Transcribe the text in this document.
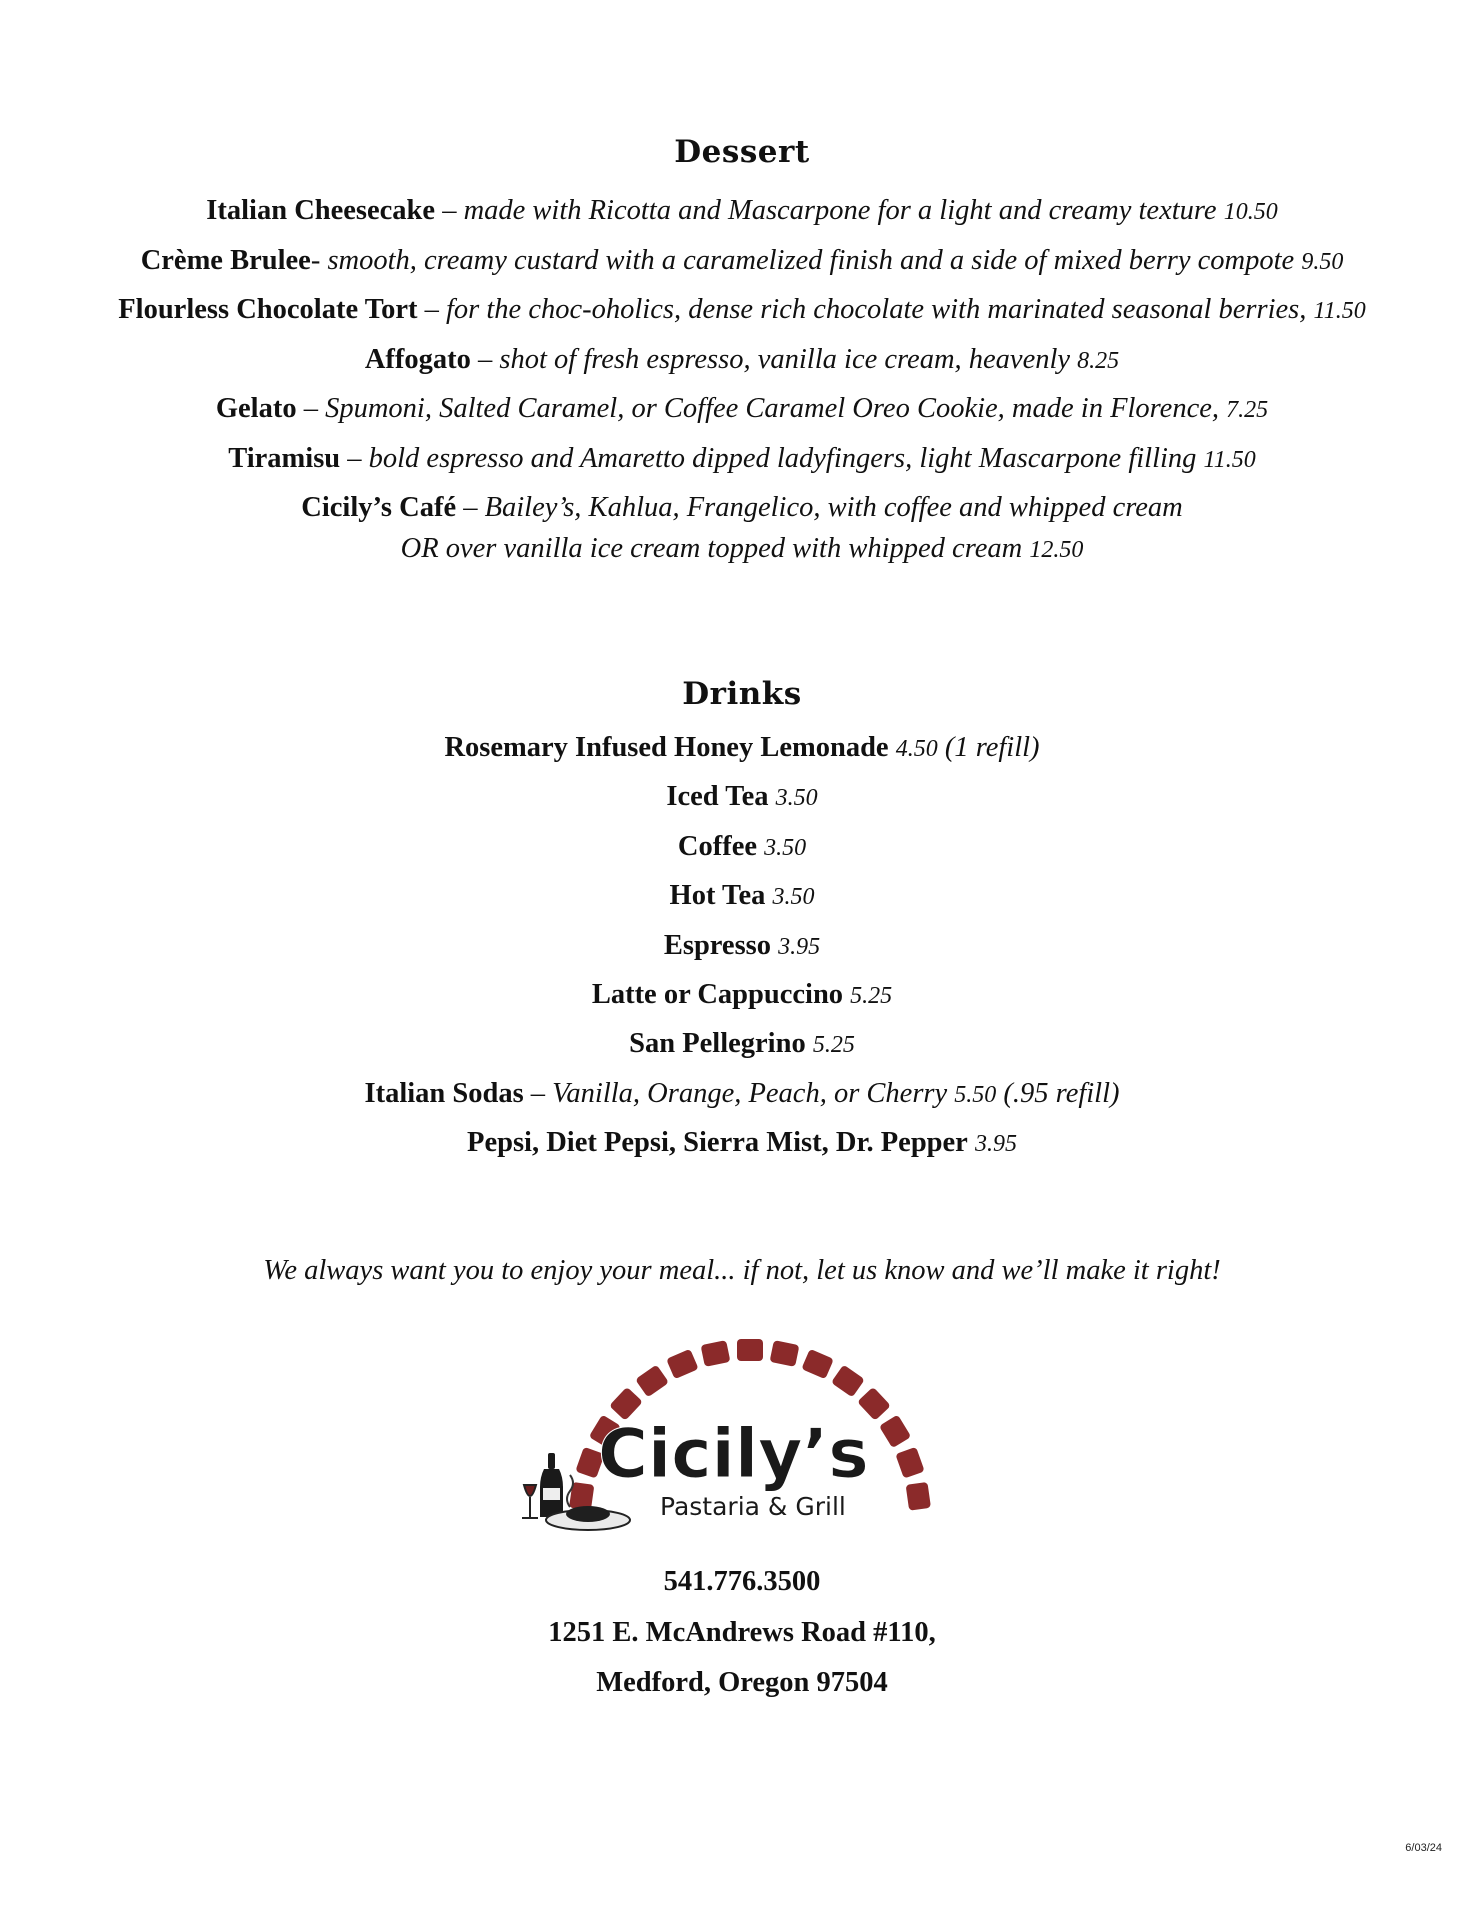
Dessert

Italian Cheesecake – made with Ricotta and Mascarpone for a light and creamy texture 10.50

Crème Brulee- smooth, creamy custard with a caramelized finish and a side of mixed berry compote 9.50

Flourless Chocolate Tort – for the choc-oholics, dense rich chocolate with marinated seasonal berries, 11.50

Affogato – shot of fresh espresso, vanilla ice cream, heavenly 8.25

Gelato – Spumoni, Salted Caramel, or Coffee Caramel Oreo Cookie, made in Florence, 7.25

Tiramisu – bold espresso and Amaretto dipped ladyfingers, light Mascarpone filling 11.50

Cicily’s Café – Bailey’s, Kahlua, Frangelico, with coffee and whipped cream

OR over vanilla ice cream topped with whipped cream 12.50

Drinks

Rosemary Infused Honey Lemonade 4.50 (1 refill)

Iced Tea 3.50

Coffee 3.50

Hot Tea 3.50

Espresso 3.95

Latte or Cappuccino 5.25

San Pellegrino 5.25

Italian Sodas – Vanilla, Orange, Peach, or Cherry 5.50 (.95 refill)

Pepsi, Diet Pepsi, Sierra Mist, Dr. Pepper 3.95

We always want you to enjoy your meal... if not, let us know and we’ll make it right!

Cicily’s
Pastaria & Grill

541.776.3500

1251 E. McAndrews Road #110,

Medford, Oregon 97504

6/03/24
